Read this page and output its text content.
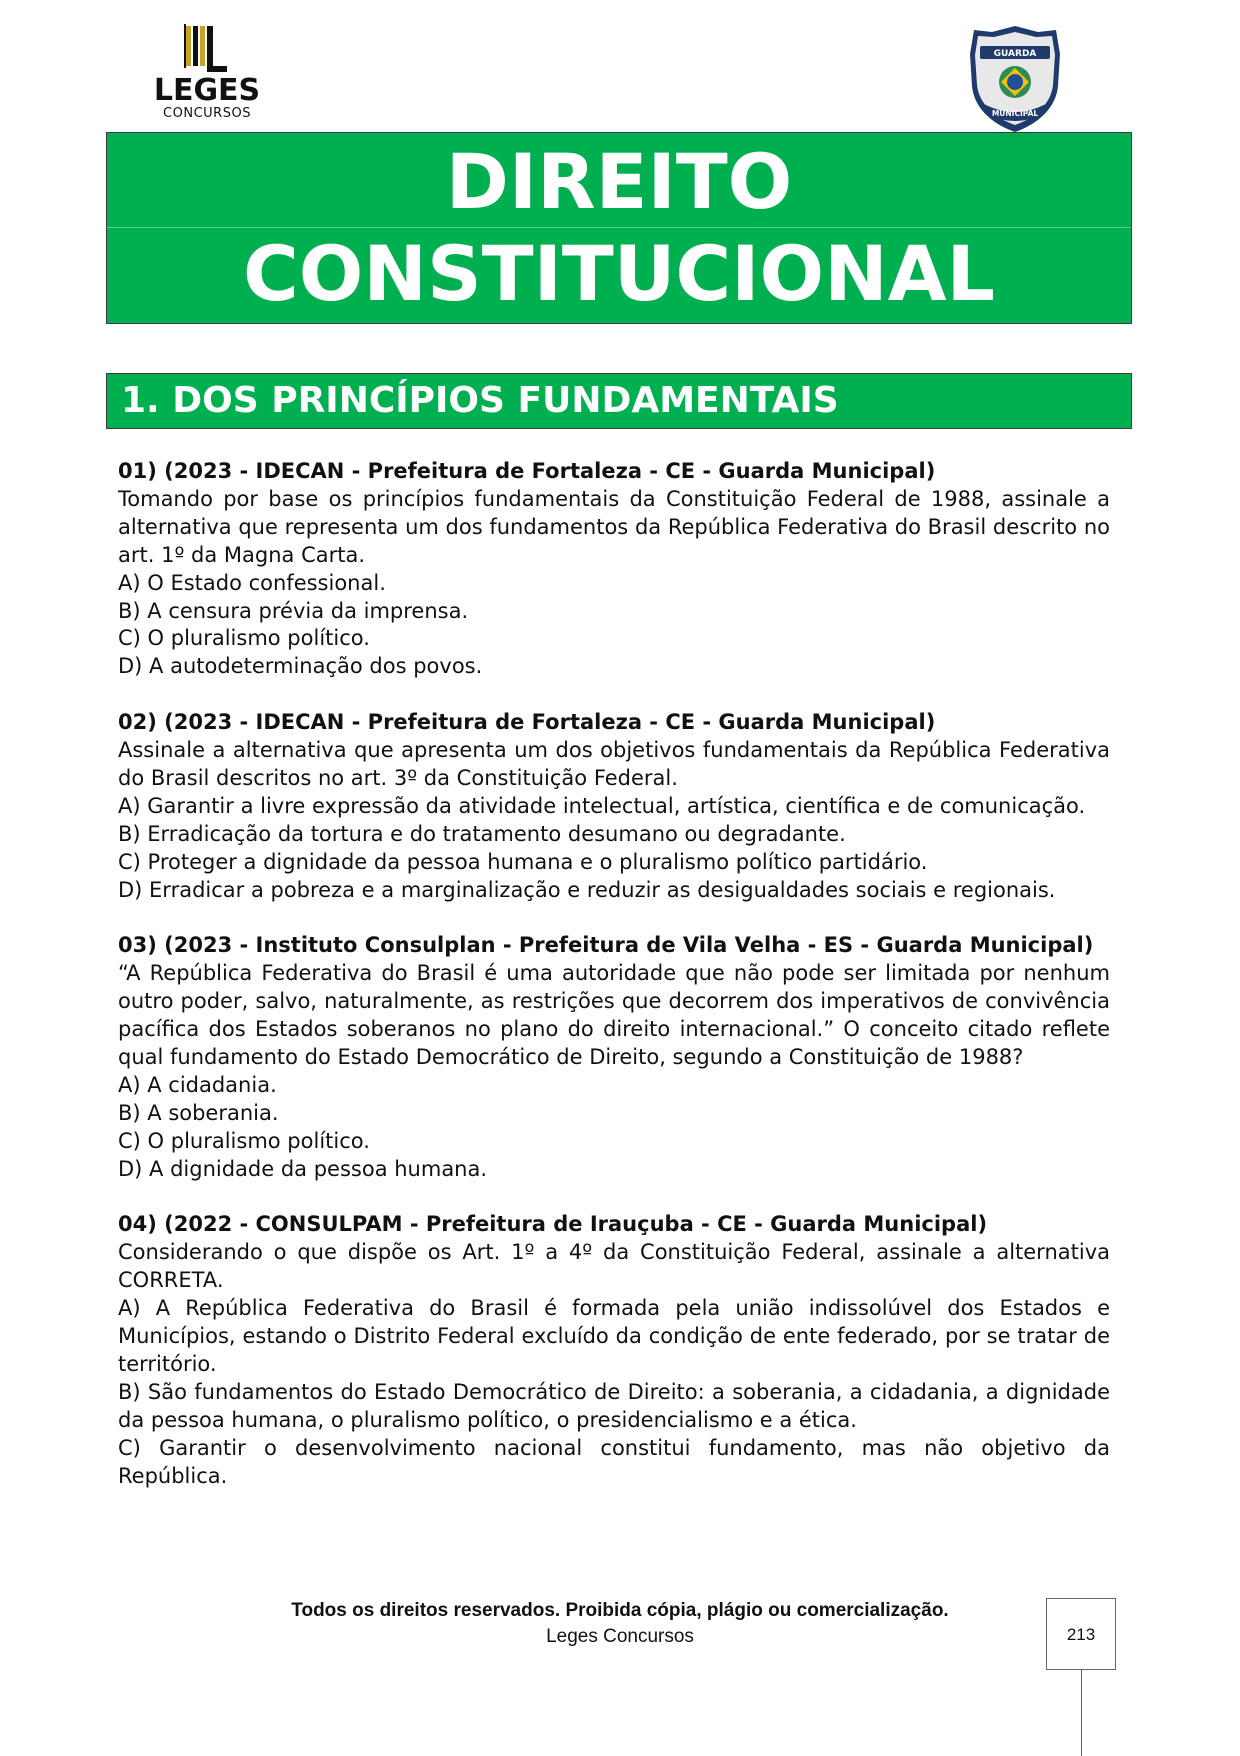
LEGES
CONCURSOS
GUARDA
MUNICIPAL
DIREITO
CONSTITUCIONAL
1. DOS PRINCÍPIOS FUNDAMENTAIS
01) (2023 - IDECAN - Prefeitura de Fortaleza - CE - Guarda Municipal)
Tomando por base os princípios fundamentais da Constituição Federal de 1988, assinale a alternativa que representa um dos fundamentos da República Federativa do Brasil descrito no art. 1º da Magna Carta.
A) O Estado confessional.
B) A censura prévia da imprensa.
C) O pluralismo político.
D) A autodeterminação dos povos.
02) (2023 - IDECAN - Prefeitura de Fortaleza - CE - Guarda Municipal)
Assinale a alternativa que apresenta um dos objetivos fundamentais da República Federativa do Brasil descritos no art. 3º da Constituição Federal.
A) Garantir a livre expressão da atividade intelectual, artística, científica e de comunicação.
B) Erradicação da tortura e do tratamento desumano ou degradante.
C) Proteger a dignidade da pessoa humana e o pluralismo político partidário.
D) Erradicar a pobreza e a marginalização e reduzir as desigualdades sociais e regionais.
03) (2023 - Instituto Consulplan - Prefeitura de Vila Velha - ES - Guarda Municipal)
“A República Federativa do Brasil é uma autoridade que não pode ser limitada por nenhum outro poder, salvo, naturalmente, as restrições que decorrem dos imperativos de convivência pacífica dos Estados soberanos no plano do direito internacional.” O conceito citado reflete qual fundamento do Estado Democrático de Direito, segundo a Constituição de 1988?
A) A cidadania.
B) A soberania.
C) O pluralismo político.
D) A dignidade da pessoa humana.
04) (2022 - CONSULPAM - Prefeitura de Irauçuba - CE - Guarda Municipal)
Considerando o que dispõe os Art. 1º a 4º da Constituição Federal, assinale a alternativa CORRETA.
A) A República Federativa do Brasil é formada pela união indissolúvel dos Estados e Municípios, estando o Distrito Federal excluído da condição de ente federado, por se tratar de território.
B) São fundamentos do Estado Democrático de Direito: a soberania, a cidadania, a dignidade da pessoa humana, o pluralismo político, o presidencialismo e a ética.
C) Garantir o desenvolvimento nacional constitui fundamento, mas não objetivo da República.
Todos os direitos reservados. Proibida cópia, plágio ou comercialização.
Leges Concursos	213
